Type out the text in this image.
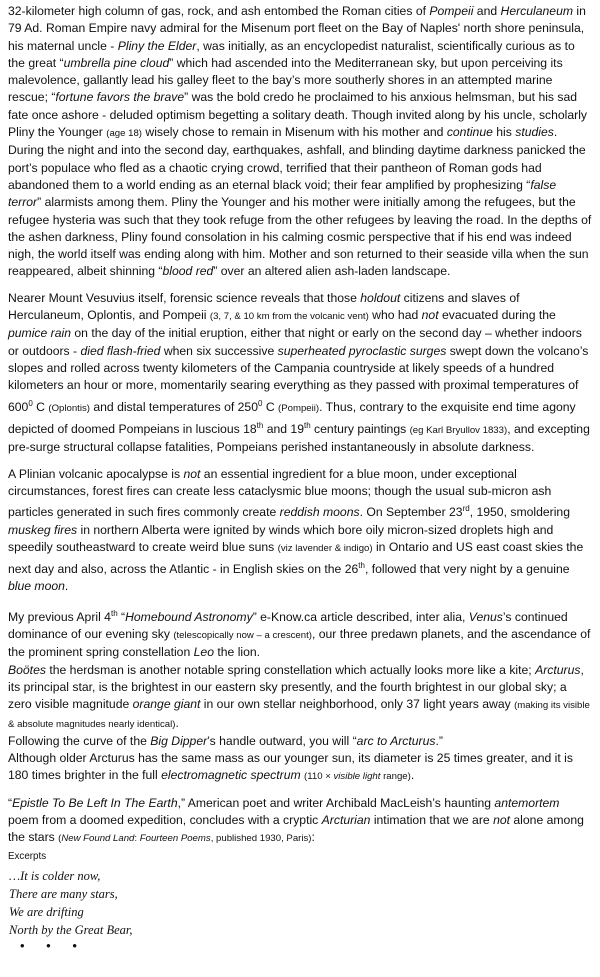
32-kilometer high column of gas, rock, and ash entombed the Roman cities of Pompeii and Herculaneum in 79 Ad. Roman Empire navy admiral for the Misenum port fleet on the Bay of Naples' north shore peninsula, his maternal uncle - Pliny the Elder, was initially, as an encyclopedist naturalist, scientifically curious as to the great “umbrella pine cloud” which had ascended into the Mediterranean sky, but upon perceiving its malevolence, gallantly lead his galley fleet to the bay’s more southerly shores in an attempted marine rescue; “fortune favors the brave” was the bold credo he proclaimed to his anxious helmsman, but his sad fate once ashore - deluded optimism begetting a solitary death. Though invited along by his uncle, scholarly Pliny the Younger (age 18) wisely chose to remain in Misenum with his mother and continue his studies. During the night and into the second day, earthquakes, ashfall, and blinding daytime darkness panicked the port’s populace who fled as a chaotic crying crowd, terrified that their pantheon of Roman gods had abandoned them to a world ending as an eternal black void; their fear amplified by prophesizing “false terror” alarmists among them. Pliny the Younger and his mother were initially among the refugees, but the refugee hysteria was such that they took refuge from the other refugees by leaving the road. In the depths of the ashen darkness, Pliny found consolation in his calming cosmic perspective that if his end was indeed nigh, the world itself was ending along with him. Mother and son returned to their seaside villa when the sun reappeared, albeit shinning “blood red” over an altered alien ash-laden landscape.

Nearer Mount Vesuvius itself, forensic science reveals that those holdout citizens and slaves of Herculaneum, Oplontis, and Pompeii (3, 7, & 10 km from the volcanic vent) who had not evacuated during the pumice rain on the day of the initial eruption, either that night or early on the second day – whether indoors or outdoors - died flash-fried when six successive superheated pyroclastic surges swept down the volcano’s slopes and rolled across twenty kilometers of the Campania countryside at likely speeds of a hundred kilometers an hour or more, momentarily searing everything as they passed with proximal temperatures of $600^0$ C (Oplontis) and distal temperatures of $250^0$ C (Pompeii). Thus, contrary to the exquisite end time agony depicted of doomed Pompeians in luscious 18th and 19th century paintings (eg Karl Bryullov 1833), and excepting pre-surge structural collapse fatalities, Pompeians perished instantaneously in absolute darkness.

A Plinian volcanic apocalypse is not an essential ingredient for a blue moon, under exceptional circumstances, forest fires can create less cataclysmic blue moons; though the usual sub-micron ash particles generated in such fires commonly create reddish moons. On September 23rd, 1950, smoldering muskeg fires in northern Alberta were ignited by winds which bore oily micron-sized droplets high and speedily southeastward to create weird blue suns (viz lavender & indigo) in Ontario and US east coast skies the next day and also, across the Atlantic - in English skies on the 26th, followed that very night by a genuine blue moon.

My previous April 4th “Homebound Astronomy” e-Know.ca article described, inter alia, Venus’s continued dominance of our evening sky (telescopically now – a crescent), our three predawn planets, and the ascendance of the prominent spring constellation Leo the lion.
Boötes the herdsman is another notable spring constellation which actually looks more like a kite; Arcturus, its principal star, is the brightest in our eastern sky presently, and the fourth brightest in our global sky; a zero visible magnitude orange giant in our own stellar neighborhood, only 37 light years away (making its visible & absolute magnitudes nearly identical).
Following the curve of the Big Dipper’s handle outward, you will “arc to Arcturus.”
Although older Arcturus has the same mass as our younger sun, its diameter is 25 times greater, and it is 180 times brighter in the full electromagnetic spectrum (110 × visible light range).

“Epistle To Be Left In The Earth,” American poet and writer Archibald MacLeish’s haunting antemortem poem from a doomed expedition, concludes with a cryptic Arcturian intimation that we are not alone among the stars (New Found Land: Fourteen Poems, published 1930, Paris):

Excerpts

…It is colder now,

There are many stars,

We are drifting

North by the Great Bear,

• • •
